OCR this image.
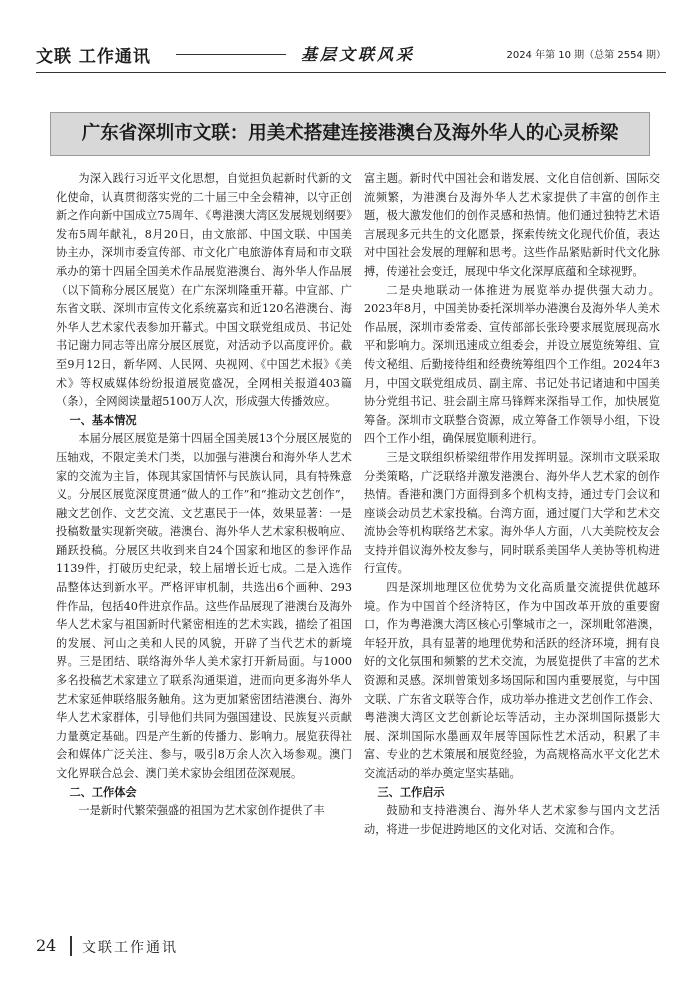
文联 工作通讯	基层文联风采	2024 年第 10 期（总第 2554 期）
广东省深圳市文联：用美术搭建连接港澳台及海外华人的心灵桥梁

为深入践行习近平文化思想，自觉担负起新时代新的文化使命，认真贯彻落实党的二十届三中全会精神，以守正创新之作向新中国成立75周年、《粤港澳大湾区发展规划纲要》发布5周年献礼，8月20日，由文旅部、中国文联、中国美协主办，深圳市委宣传部、市文化广电旅游体育局和市文联承办的第十四届全国美术作品展览港澳台、海外华人作品展（以下简称分展区展览）在广东深圳隆重开幕。中宣部、广东省文联、深圳市宣传文化系统嘉宾和近120名港澳台、海外华人艺术家代表参加开幕式。中国文联党组成员、书记处书记谢力同志等出席分展区展览，对活动予以高度评价。截至9月12日，新华网、人民网、央视网、《中国艺术报》《美术》等权威媒体纷纷报道展览盛况，全网相关报道403篇（条），全网阅读量超5100万人次，形成强大传播效应。

一、基本情况

本届分展区展览是第十四届全国美展13个分展区展览的压轴戏，不限定美术门类，以加强与港澳台和海外华人艺术家的交流为主旨，体现其家国情怀与民族认同，具有特殊意义。分展区展览深度贯通“做人的工作”和“推动文艺创作”，融文艺创作、文艺交流、文艺惠民于一体，效果显著：一是投稿数量实现新突破。港澳台、海外华人艺术家积极响应、踊跃投稿。分展区共收到来自24个国家和地区的参评作品1139件，打破历史纪录，较上届增长近七成。二是入选作品整体达到新水平。严格评审机制，共选出6个画种、293件作品，包括40件进京作品。这些作品展现了港澳台及海外华人艺术家与祖国新时代紧密相连的艺术实践，描绘了祖国的发展、河山之美和人民的风貌，开辟了当代艺术的新境界。三是团结、联络海外华人美术家打开新局面。与1000多名投稿艺术家建立了联系沟通渠道，进而向更多海外华人艺术家延伸联络服务触角。这为更加紧密团结港澳台、海外华人艺术家群体，引导他们共同为强国建设、民族复兴贡献力量奠定基础。四是产生新的传播力、影响力。展览获得社会和媒体广泛关注、参与，吸引8万余人次入场参观。澳门文化界联合总会、澳门美术家协会组团莅深观展。

二、工作体会

一是新时代繁荣强盛的祖国为艺术家创作提供了丰

富主题。新时代中国社会和谐发展、文化自信创新、国际交流频繁，为港澳台及海外华人艺术家提供了丰富的创作主题，极大激发他们的创作灵感和热情。他们通过独特艺术语言展现多元共生的文化愿景，探索传统文化现代价值，表达对中国社会发展的理解和思考。这些作品紧贴新时代文化脉搏，传递社会变迁，展现中华文化深厚底蕴和全球视野。

二是央地联动一体推进为展览举办提供强大动力。2023年8月，中国美协委托深圳举办港澳台及海外华人美术作品展，深圳市委常委、宣传部部长张玲要求展览展现高水平和影响力。深圳迅速成立组委会，并设立展览统筹组、宣传文秘组、后勤接待组和经费统筹组四个工作组。2024年3月，中国文联党组成员、副主席、书记处书记诸迪和中国美协分党组书记、驻会副主席马锋辉来深指导工作，加快展览筹备。深圳市文联整合资源，成立筹备工作领导小组，下设四个工作小组，确保展览顺利进行。

三是文联组织桥梁纽带作用发挥明显。深圳市文联采取分类策略，广泛联络并激发港澳台、海外华人艺术家的创作热情。香港和澳门方面得到多个机构支持，通过专门会议和座谈会动员艺术家投稿。台湾方面，通过厦门大学和艺术交流协会等机构联络艺术家。海外华人方面，八大美院校友会支持并倡议海外校友参与，同时联系美国华人美协等机构进行宣传。

四是深圳地理区位优势为文化高质量交流提供优越环境。作为中国首个经济特区，作为中国改革开放的重要窗口，作为粤港澳大湾区核心引擎城市之一，深圳毗邻港澳，年轻开放，具有显著的地理优势和活跃的经济环境，拥有良好的文化氛围和频繁的艺术交流，为展览提供了丰富的艺术资源和灵感。深圳曾策划多场国际和国内重要展览，与中国文联、广东省文联等合作，成功举办推进文艺创作工作会、粤港澳大湾区文艺创新论坛等活动，主办深圳国际摄影大展、深圳国际水墨画双年展等国际性艺术活动，积累了丰富、专业的艺术策展和展览经验，为高规格高水平文化艺术交流活动的举办奠定坚实基础。

三、工作启示

鼓励和支持港澳台、海外华人艺术家参与国内文艺活动，将进一步促进跨地区的文化对话、交流和合作。

24 文联工作通讯
